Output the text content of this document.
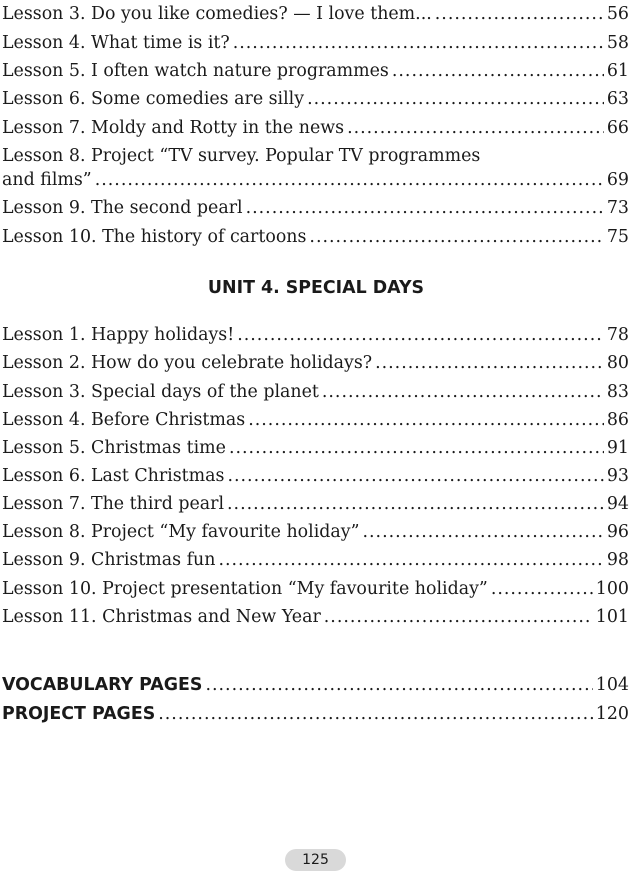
Lesson 3. Do you like comedies? — I love them... .....	56
Lesson 4. What time is it? .....	58
Lesson 5. I often watch nature programmes .....	61
Lesson 6. Some comedies are silly .....	63
Lesson 7. Moldy and Rotty in the news .....	66
Lesson 8. Project “TV survey. Popular TV programmes
and films” .....	69
Lesson 9. The second pearl .....	73
Lesson 10. The history of cartoons .....	75
UNIT 4. SPECIAL DAYS
Lesson 1. Happy holidays! .....	78
Lesson 2. How do you celebrate holidays? .....	80
Lesson 3. Special days of the planet .....	83
Lesson 4. Before Christmas .....	86
Lesson 5. Christmas time .....	91
Lesson 6. Last Christmas .....	93
Lesson 7. The third pearl .....	94
Lesson 8. Project “My favourite holiday” .....	96
Lesson 9. Christmas fun .....	98
Lesson 10. Project presentation “My favourite holiday” .....	100
Lesson 11. Christmas and New Year .....	101
VOCABULARY PAGES .....	104
PROJECT PAGES .....	120
125
